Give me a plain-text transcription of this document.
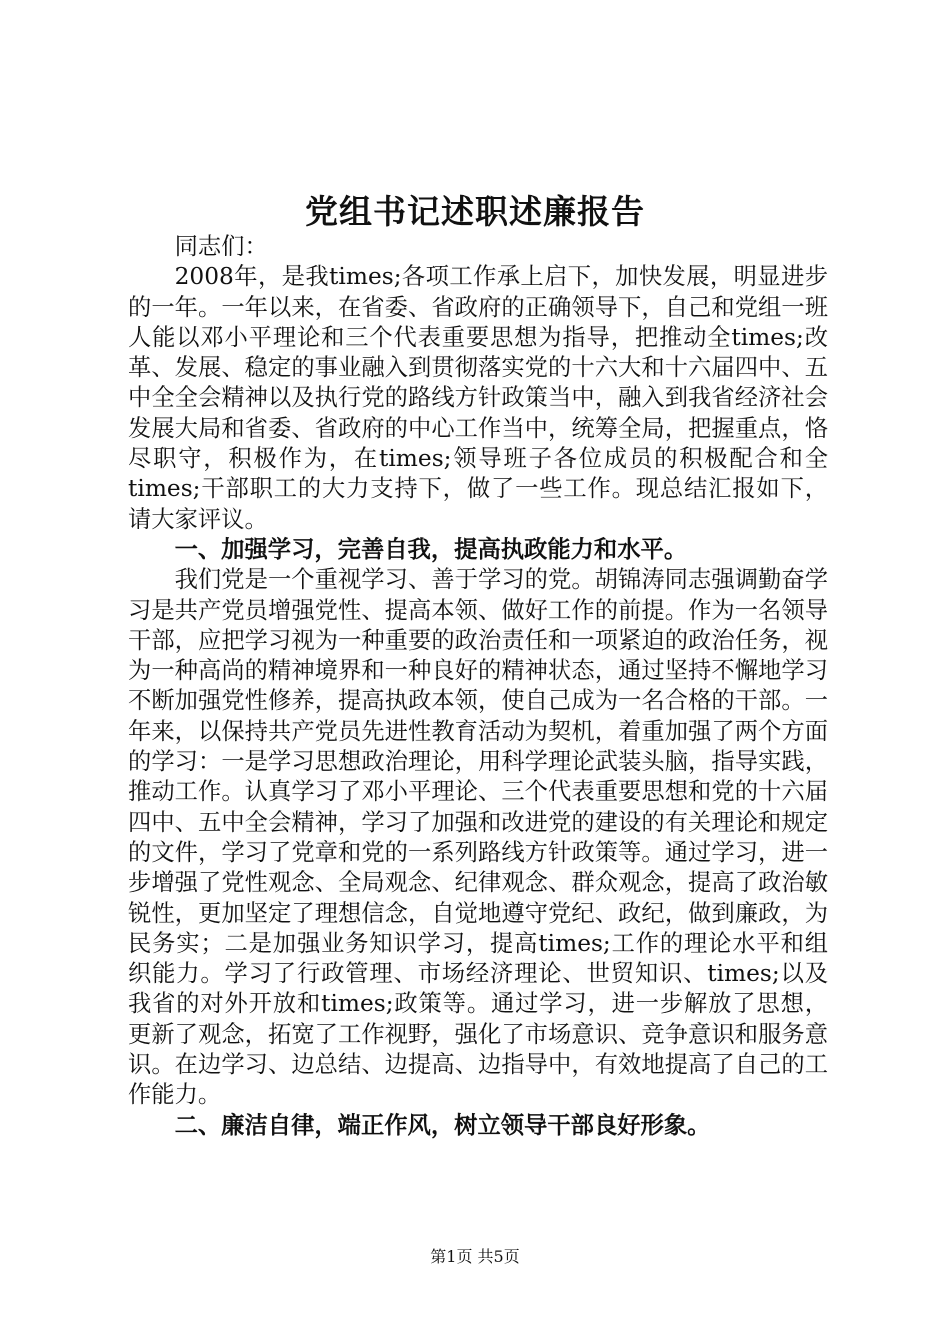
党组书记述职述廉报告

同志们：

2008年，是我times;各项工作承上启下，加快发展，明显进步的一年。一年以来，在省委、省政府的正确领导下，自己和党组一班人能以邓小平理论和三个代表重要思想为指导，把推动全times;改革、发展、稳定的事业融入到贯彻落实党的十六大和十六届四中、五中全全会精神以及执行党的路线方针政策当中，融入到我省经济社会发展大局和省委、省政府的中心工作当中，统筹全局，把握重点，恪尽职守，积极作为，在times;领导班子各位成员的积极配合和全times;干部职工的大力支持下，做了一些工作。现总结汇报如下，请大家评议。

一、加强学习，完善自我，提高执政能力和水平。

我们党是一个重视学习、善于学习的党。胡锦涛同志强调勤奋学习是共产党员增强党性、提高本领、做好工作的前提。作为一名领导干部，应把学习视为一种重要的政治责任和一项紧迫的政治任务，视为一种高尚的精神境界和一种良好的精神状态，通过坚持不懈地学习不断加强党性修养，提高执政本领，使自己成为一名合格的干部。一年来，以保持共产党员先进性教育活动为契机，着重加强了两个方面的学习：一是学习思想政治理论，用科学理论武装头脑，指导实践，推动工作。认真学习了邓小平理论、三个代表重要思想和党的十六届四中、五中全会精神，学习了加强和改进党的建设的有关理论和规定的文件，学习了党章和党的一系列路线方针政策等。通过学习，进一步增强了党性观念、全局观念、纪律观念、群众观念，提高了政治敏锐性，更加坚定了理想信念，自觉地遵守党纪、政纪，做到廉政，为民务实；二是加强业务知识学习，提高times;工作的理论水平和组织能力。学习了行政管理、市场经济理论、世贸知识、times;以及我省的对外开放和times;政策等。通过学习，进一步解放了思想，更新了观念，拓宽了工作视野，强化了市场意识、竞争意识和服务意识。在边学习、边总结、边提高、边指导中，有效地提高了自己的工作能力。

二、廉洁自律，端正作风，树立领导干部良好形象。

第1页 共5页
